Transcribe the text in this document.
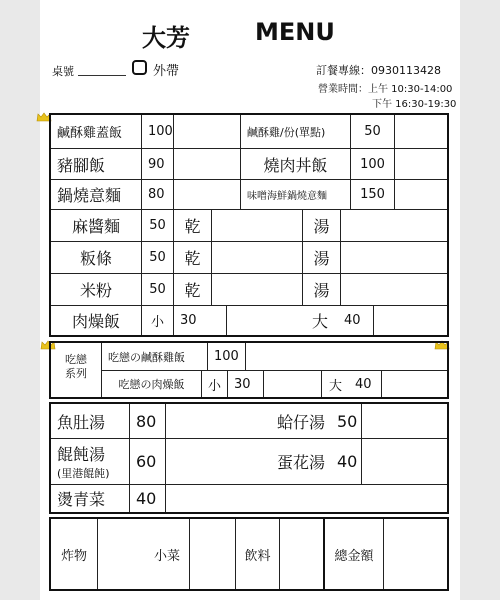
大芳	MENU
桌號	外帶	訂餐專線：0930113428
營業時間：上午 10:30-14:00
下午 16:30-19:30
鹹酥雞蓋飯	100	鹹酥雞/份(單點)	50
豬腳飯	90	燒肉丼飯	100
鍋燒意麵	80	味噌海鮮鍋燒意麵	150
麻醬麵	50	乾	湯
粄條	50	乾	湯
米粉	50	乾	湯
肉燥飯	小	30	大	40
吃戀
系列
吃戀の鹹酥雞飯	100
吃戀の肉燥飯	小	30	大	40
魚肚湯	80	蛤仔湯 50
餛飩湯
(里港餛飩)
60	蛋花湯 40
燙青菜	40
炸物	小菜	飲料	總金額
